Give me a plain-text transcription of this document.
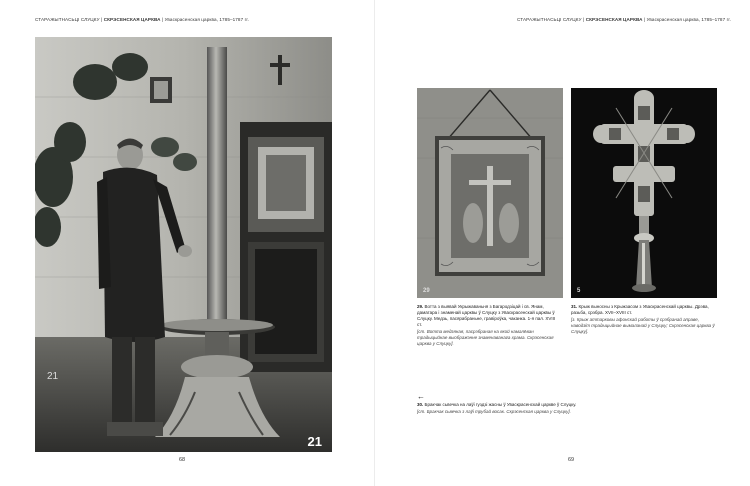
СТАРАЖЫТНАСЬЦІ СЛУЦКУ | СКРЭСЕНСКАЯ ЦАРКВА | Уваскрасенская царква, 1785–1787 гг.
21
21
68
СТАРАЖЫТНАСЬЦІ СЛУЦКУ | СКРЭСЕНСКАЯ ЦАРКВА | Уваскрасенская царква, 1785–1787 гг.
29	5
29. Вотта з выявай Укрыжаваньня з Багародзіцай і св. Янам, даматара і знаменай царквы ў Слуцку з Уваскрасенскай царквы ў Слуцку. Медзь, пасярабраньне, гравіроўка, чаканка. 1-я пал. XVIII ст.
[ст. Вотта медзяная, пасрэбраная на якой намалёван традыцыйнае выображэнне знаменаванага храма. Скрэсенская царква у Слуцку].
31. Крыж выносны з Крыжзасом з Уваскрасенскай царквы. Дрэва, разьба, срэбра. XVII–XVIII ст.
[з. Крыж аттарковы афонскай работы ў срэбранай аправе, наводзіт традыцыйнае вымаланай у Слуцку; Скрэсенская царква ў Слуцку].
←
30. Бракчак сьвечка на лаўі гуздзі жасны ў Уваскрасенскай царкве ў Слуцку.
[ст. Бракчак сьвечка з лаўі трубай восак. Скрэсенская царква у Слуцку].
69
